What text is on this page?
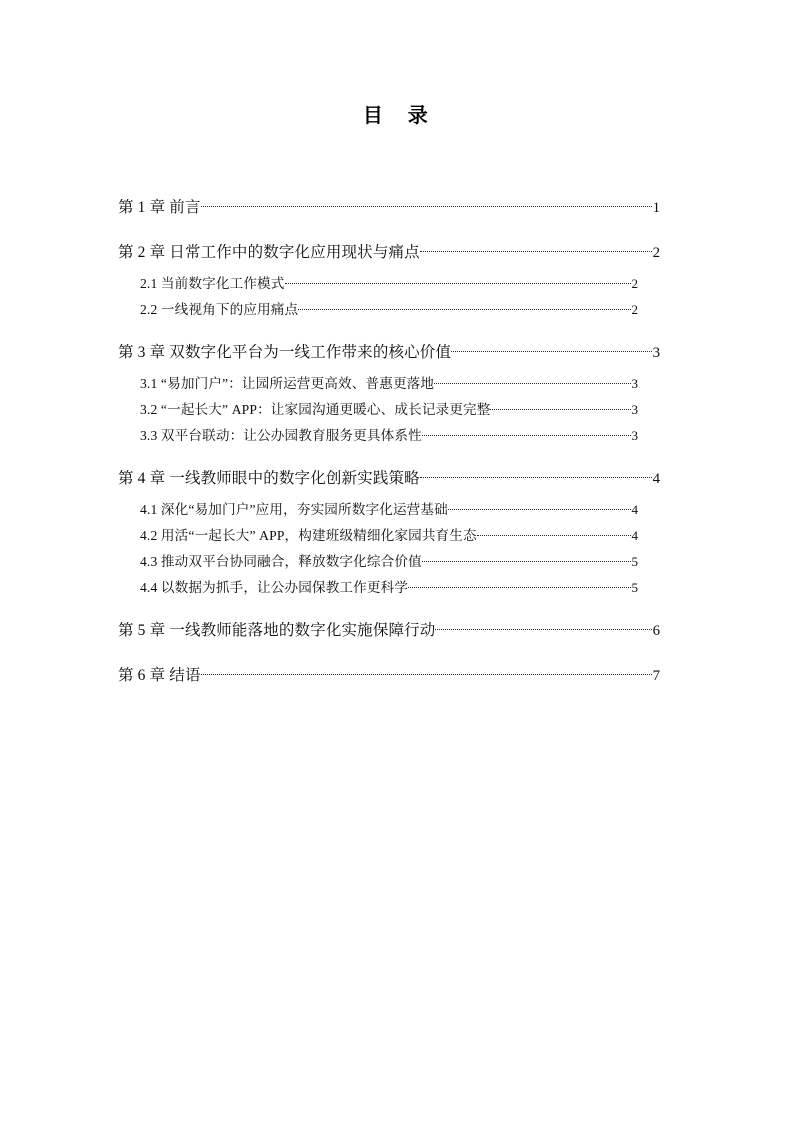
目　录
第 1 章 前言	1
第 2 章 日常工作中的数字化应用现状与痛点	2
2.1 当前数字化工作模式	2
2.2 一线视角下的应用痛点	2
第 3 章 双数字化平台为一线工作带来的核心价值	3
3.1 “易加门户”：让园所运营更高效、普惠更落地	3
3.2 “一起长大” APP：让家园沟通更暖心、成长记录更完整	3
3.3 双平台联动：让公办园教育服务更具体系性	3
第 4 章 一线教师眼中的数字化创新实践策略	4
4.1 深化“易加门户”应用，夯实园所数字化运营基础	4
4.2 用活“一起长大” APP，构建班级精细化家园共育生态	4
4.3 推动双平台协同融合，释放数字化综合价值	5
4.4 以数据为抓手，让公办园保教工作更科学	5
第 5 章 一线教师能落地的数字化实施保障行动	6
第 6 章 结语	7
